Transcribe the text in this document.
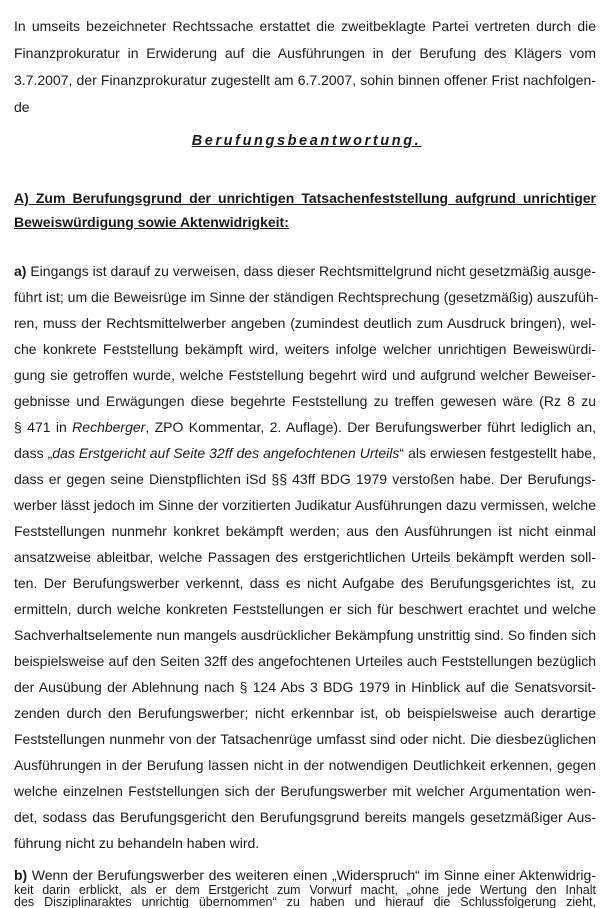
In umseits bezeichneter Rechtssache erstattet die zweitbeklagte Partei vertreten durch die
Finanzprokuratur in Erwiderung auf die Ausführungen in der Berufung des Klägers vom
3.7.2007, der Finanzprokuratur zugestellt am 6.7.2007, sohin binnen offener Frist nachfolgen-
de
Berufungsbeantwortung.
A) Zum Berufungsgrund der unrichtigen Tatsachenfeststellung aufgrund unrichtiger
Beweiswürdigung sowie Aktenwidrigkeit:
a) Eingangs ist darauf zu verweisen, dass dieser Rechtsmittelgrund nicht gesetzmäßig ausge-
führt ist; um die Beweisrüge im Sinne der ständigen Rechtsprechung (gesetzmäßig) auszufüh-
ren, muss der Rechtsmittelwerber angeben (zumindest deutlich zum Ausdruck bringen), wel-
che konkrete Feststellung bekämpft wird, weiters infolge welcher unrichtigen Beweiswürdi-
gung sie getroffen wurde, welche Feststellung begehrt wird und aufgrund welcher Beweiser-
gebnisse und Erwägungen diese begehrte Feststellung zu treffen gewesen wäre (Rz 8 zu
§ 471 in Rechberger, ZPO Kommentar, 2. Auflage). Der Berufungswerber führt lediglich an,
dass „das Erstgericht auf Seite 32ff des angefochtenen Urteils“ als erwiesen festgestellt habe,
dass er gegen seine Dienstpflichten iSd §§ 43ff BDG 1979 verstoßen habe. Der Berufungs-
werber lässt jedoch im Sinne der vorzitierten Judikatur Ausführungen dazu vermissen, welche
Feststellungen nunmehr konkret bekämpft werden; aus den Ausführungen ist nicht einmal
ansatzweise ableitbar, welche Passagen des erstgerichtlichen Urteils bekämpft werden soll-
ten. Der Berufungswerber verkennt, dass es nicht Aufgabe des Berufungsgerichtes ist, zu
ermitteln, durch welche konkreten Feststellungen er sich für beschwert erachtet und welche
Sachverhaltselemente nun mangels ausdrücklicher Bekämpfung unstrittig sind. So finden sich
beispielsweise auf den Seiten 32ff des angefochtenen Urteiles auch Feststellungen bezüglich
der Ausübung der Ablehnung nach § 124 Abs 3 BDG 1979 in Hinblick auf die Senatsvorsit-
zenden durch den Berufungswerber; nicht erkennbar ist, ob beispielsweise auch derartige
Feststellungen nunmehr von der Tatsachenrüge umfasst sind oder nicht. Die diesbezüglichen
Ausführungen in der Berufung lassen nicht in der notwendigen Deutlichkeit erkennen, gegen
welche einzelnen Feststellungen sich der Berufungswerber mit welcher Argumentation wen-
det, sodass das Berufungsgericht den Berufungsgrund bereits mangels gesetzmäßiger Aus-
führung nicht zu behandeln haben wird.
b) Wenn der Berufungswerber des weiteren einen „Widerspruch“ im Sinne einer Aktenwidrig-
keit darin erblickt, als er dem Erstgericht zum Vorwurf macht, „ohne jede Wertung den Inhalt
des Disziplinaraktes unrichtig übernommen“ zu haben und hierauf die Schlussfolgerung zieht,
